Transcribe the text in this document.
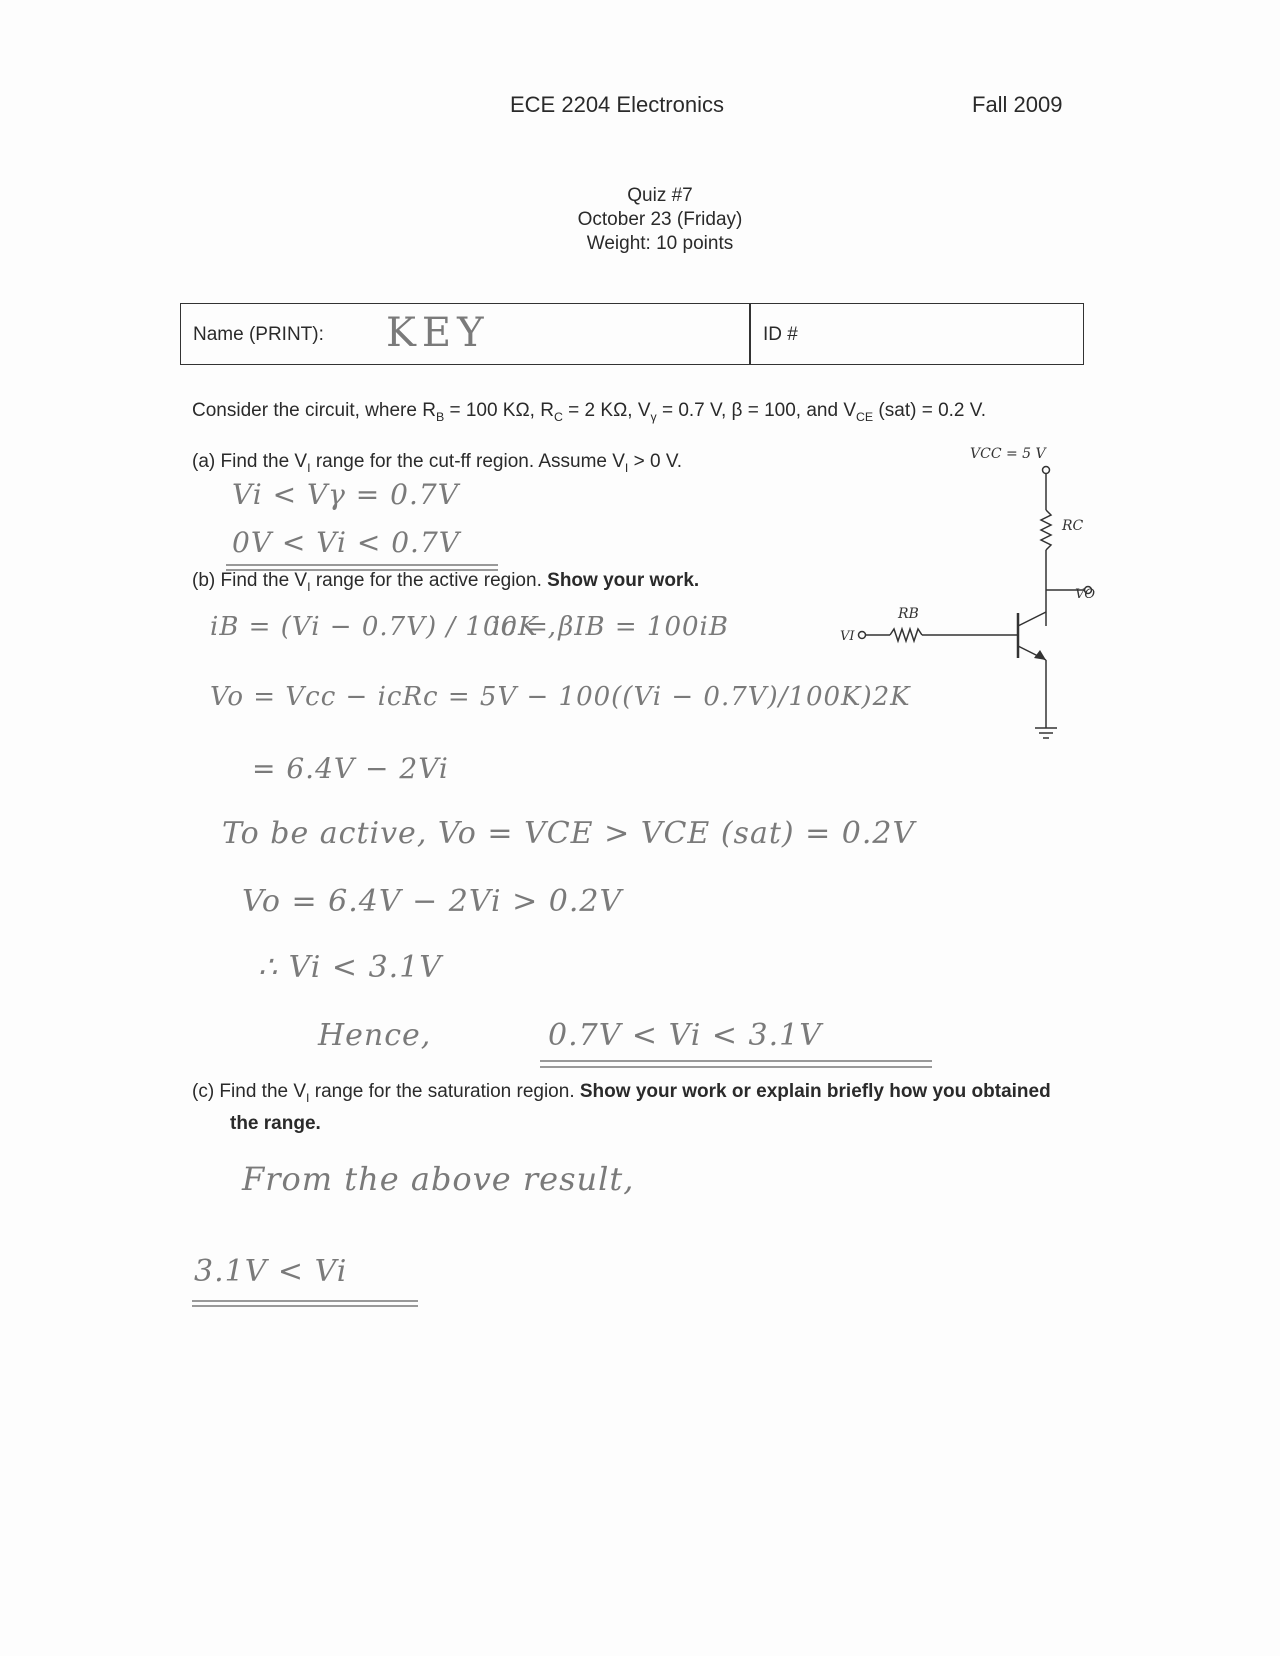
ECE 2204 Electronics	Fall 2009
Quiz #7
October 23 (Friday)
Weight: 10 points
Name (PRINT): KEY	ID #
Consider the circuit, where $R_B = 100$ KΩ, $R_C = 2$ KΩ, $V_\gamma = 0.7$ V, β = 100, and $V_{CE}$ (sat) = 0.2 V.
(a) Find the $V_I$ range for the cut-ff region. Assume $V_I > 0$ V.
Vi < Vγ = 0.7V
0V < Vi < 0.7V
(b) Find the $V_I$ range for the active region. Show your work.
iB = (Vi − 0.7V) / 100K ,
ic = βIB = 100iB
Vo = Vcc − icRc = 5V − 100((Vi − 0.7V)/100K)2K
= 6.4V − 2Vi
To be active, Vo = VCE > VCE (sat) = 0.2V
Vo = 6.4V − 2Vi > 0.2V
∴ Vi < 3.1V
Hence,	0.7V < Vi < 3.1V
(c) Find the $V_I$ range for the saturation region. Show your work or explain briefly how you obtained
the range.
From the above result,
3.1V < Vi
VCC = 5 V
RC
VO
RB
VI
